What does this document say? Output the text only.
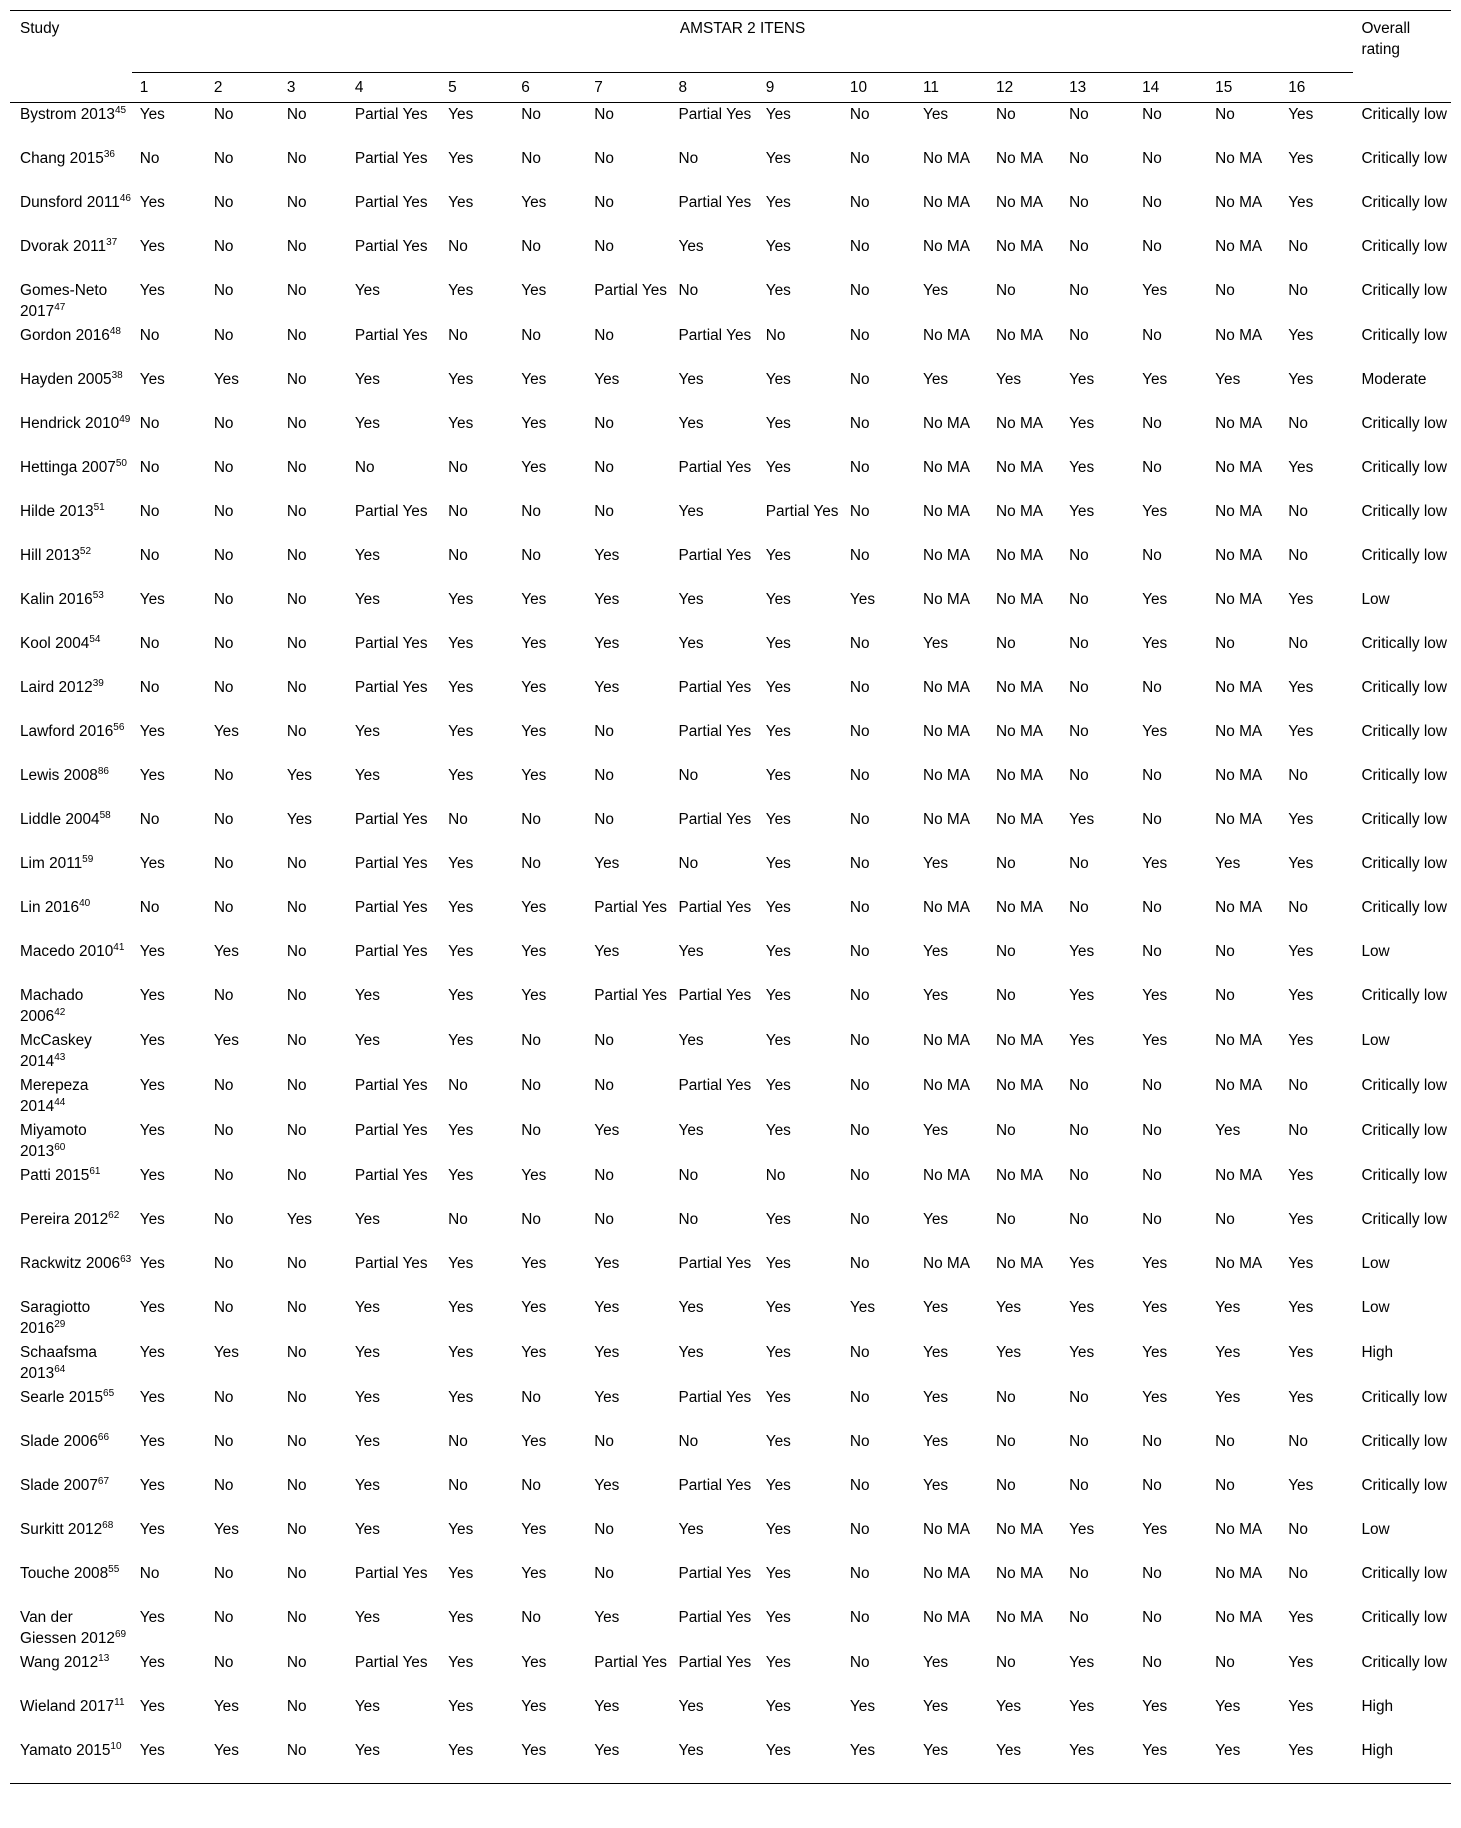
Study	AMSTAR 2 ITENS																Overall rating
	1	2	3	4	5	6	7	8	9	10	11	12	13	14	15	16	
Bystrom 2013$^{45}$	Yes	No	No	Partial Yes	Yes	No	No	Partial Yes	Yes	No	Yes	No	No	No	No	Yes	Critically low
Chang 2015$^{36}$	No	No	No	Partial Yes	Yes	No	No	No	Yes	No	No MA	No MA	No	No	No MA	Yes	Critically low
Dunsford 2011$^{46}$	Yes	No	No	Partial Yes	Yes	Yes	No	Partial Yes	Yes	No	No MA	No MA	No	No	No MA	Yes	Critically low
Dvorak 2011$^{37}$	Yes	No	No	Partial Yes	No	No	No	Yes	Yes	No	No MA	No MA	No	No	No MA	No	Critically low
Gomes-Neto 2017$^{47}$	Yes	No	No	Yes	Yes	Yes	Partial Yes	No	Yes	No	Yes	No	No	Yes	No	No	Critically low
Gordon 2016$^{48}$	No	No	No	Partial Yes	No	No	No	Partial Yes	No	No	No MA	No MA	No	No	No MA	Yes	Critically low
Hayden 2005$^{38}$	Yes	Yes	No	Yes	Yes	Yes	Yes	Yes	Yes	No	Yes	Yes	Yes	Yes	Yes	Yes	Moderate
Hendrick 2010$^{49}$	No	No	No	Yes	Yes	Yes	No	Yes	Yes	No	No MA	No MA	Yes	No	No MA	No	Critically low
Hettinga 2007$^{50}$	No	No	No	No	No	Yes	No	Partial Yes	Yes	No	No MA	No MA	Yes	No	No MA	Yes	Critically low
Hilde 2013$^{51}$	No	No	No	Partial Yes	No	No	No	Yes	Partial Yes	No	No MA	No MA	Yes	Yes	No MA	No	Critically low
Hill 2013$^{52}$	No	No	No	Yes	No	No	Yes	Partial Yes	Yes	No	No MA	No MA	No	No	No MA	No	Critically low
Kalin 2016$^{53}$	Yes	No	No	Yes	Yes	Yes	Yes	Yes	Yes	Yes	No MA	No MA	No	Yes	No MA	Yes	Low
Kool 2004$^{54}$	No	No	No	Partial Yes	Yes	Yes	Yes	Yes	Yes	No	Yes	No	No	Yes	No	No	Critically low
Laird 2012$^{39}$	No	No	No	Partial Yes	Yes	Yes	Yes	Partial Yes	Yes	No	No MA	No MA	No	No	No MA	Yes	Critically low
Lawford 2016$^{56}$	Yes	Yes	No	Yes	Yes	Yes	No	Partial Yes	Yes	No	No MA	No MA	No	Yes	No MA	Yes	Critically low
Lewis 2008$^{86}$	Yes	No	Yes	Yes	Yes	Yes	No	No	Yes	No	No MA	No MA	No	No	No MA	No	Critically low
Liddle 2004$^{58}$	No	No	Yes	Partial Yes	No	No	No	Partial Yes	Yes	No	No MA	No MA	Yes	No	No MA	Yes	Critically low
Lim 2011$^{59}$	Yes	No	No	Partial Yes	Yes	No	Yes	No	Yes	No	Yes	No	No	Yes	Yes	Yes	Critically low
Lin 2016$^{40}$	No	No	No	Partial Yes	Yes	Yes	Partial Yes	Partial Yes	Yes	No	No MA	No MA	No	No	No MA	No	Critically low
Macedo 2010$^{41}$	Yes	Yes	No	Partial Yes	Yes	Yes	Yes	Yes	Yes	No	Yes	No	Yes	No	No	Yes	Low
Machado 2006$^{42}$	Yes	No	No	Yes	Yes	Yes	Partial Yes	Partial Yes	Yes	No	Yes	No	Yes	Yes	No	Yes	Critically low
McCaskey 2014$^{43}$	Yes	Yes	No	Yes	Yes	No	No	Yes	Yes	No	No MA	No MA	Yes	Yes	No MA	Yes	Low
Merepeza 2014$^{44}$	Yes	No	No	Partial Yes	No	No	No	Partial Yes	Yes	No	No MA	No MA	No	No	No MA	No	Critically low
Miyamoto 2013$^{60}$	Yes	No	No	Partial Yes	Yes	No	Yes	Yes	Yes	No	Yes	No	No	No	Yes	No	Critically low
Patti 2015$^{61}$	Yes	No	No	Partial Yes	Yes	Yes	No	No	No	No	No MA	No MA	No	No	No MA	Yes	Critically low
Pereira 2012$^{62}$	Yes	No	Yes	Yes	No	No	No	No	Yes	No	Yes	No	No	No	No	Yes	Critically low
Rackwitz 2006$^{63}$	Yes	No	No	Partial Yes	Yes	Yes	Yes	Partial Yes	Yes	No	No MA	No MA	Yes	Yes	No MA	Yes	Low
Saragiotto 2016$^{29}$	Yes	No	No	Yes	Yes	Yes	Yes	Yes	Yes	Yes	Yes	Yes	Yes	Yes	Yes	Yes	Low
Schaafsma 2013$^{64}$	Yes	Yes	No	Yes	Yes	Yes	Yes	Yes	Yes	No	Yes	Yes	Yes	Yes	Yes	Yes	High
Searle 2015$^{65}$	Yes	No	No	Yes	Yes	No	Yes	Partial Yes	Yes	No	Yes	No	No	Yes	Yes	Yes	Critically low
Slade 2006$^{66}$	Yes	No	No	Yes	No	Yes	No	No	Yes	No	Yes	No	No	No	No	No	Critically low
Slade 2007$^{67}$	Yes	No	No	Yes	No	No	Yes	Partial Yes	Yes	No	Yes	No	No	No	No	Yes	Critically low
Surkitt 2012$^{68}$	Yes	Yes	No	Yes	Yes	Yes	No	Yes	Yes	No	No MA	No MA	Yes	Yes	No MA	No	Low
Touche 2008$^{55}$	No	No	No	Partial Yes	Yes	Yes	No	Partial Yes	Yes	No	No MA	No MA	No	No	No MA	No	Critically low
Van der Giessen 2012$^{69}$	Yes	No	No	Yes	Yes	No	Yes	Partial Yes	Yes	No	No MA	No MA	No	No	No MA	Yes	Critically low
Wang 2012$^{13}$	Yes	No	No	Partial Yes	Yes	Yes	Partial Yes	Partial Yes	Yes	No	Yes	No	Yes	No	No	Yes	Critically low
Wieland 2017$^{11}$	Yes	Yes	No	Yes	Yes	Yes	Yes	Yes	Yes	Yes	Yes	Yes	Yes	Yes	Yes	Yes	High
Yamato 2015$^{10}$	Yes	Yes	No	Yes	Yes	Yes	Yes	Yes	Yes	Yes	Yes	Yes	Yes	Yes	Yes	Yes	High
